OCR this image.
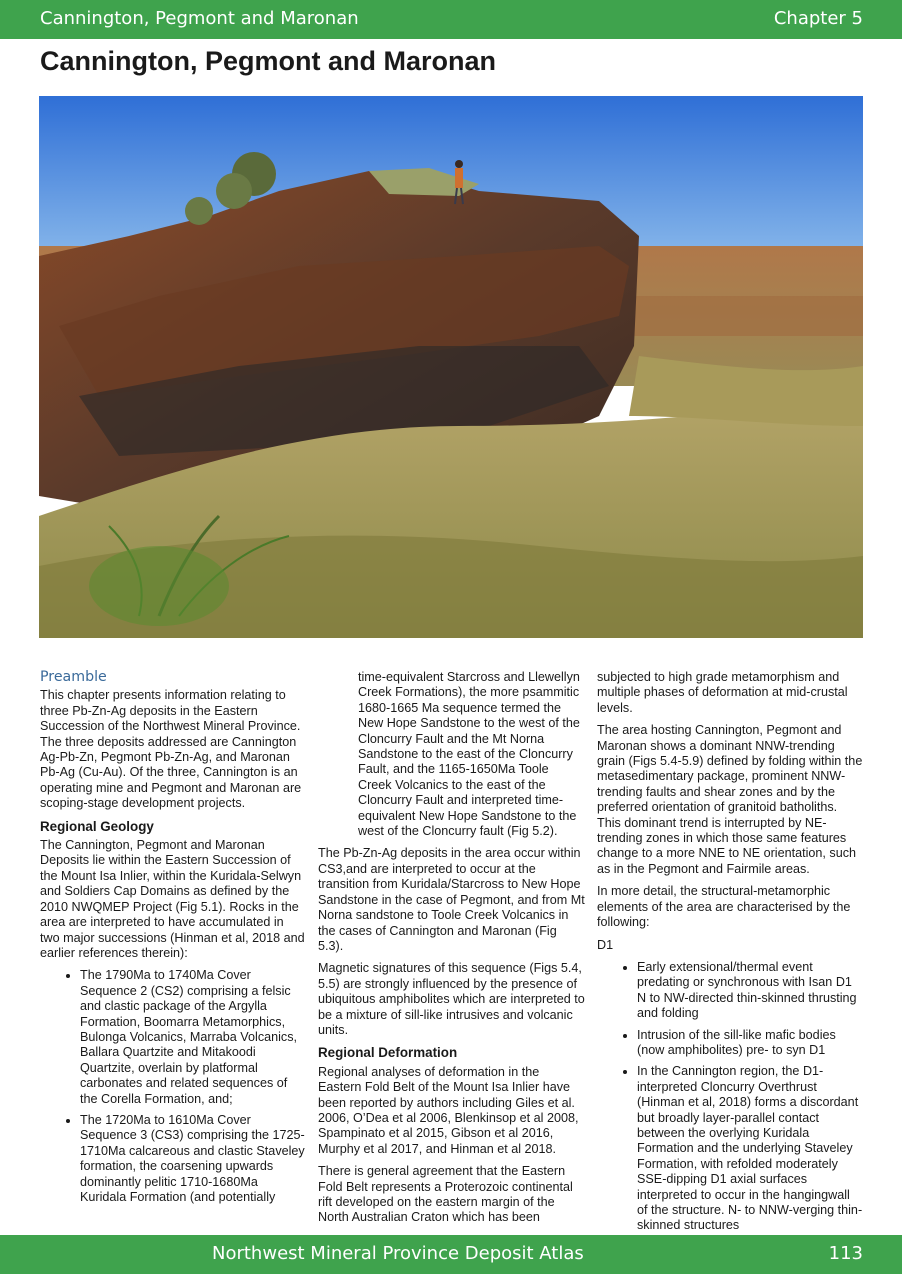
Cannington, Pegmont and Maronan	Chapter 5
Cannington, Pegmont and Maronan
Preamble

This chapter presents information relating to three Pb-Zn-Ag deposits in the Eastern Succession of the Northwest Mineral Province. The three deposits addressed are Cannington Ag-Pb-Zn, Pegmont Pb-Zn-Ag, and Maronan Pb-Ag (Cu-Au). Of the three, Cannington is an operating mine and Pegmont and Maronan are scoping-stage development projects.

Regional Geology

The Cannington, Pegmont and Maronan Deposits lie within the Eastern Succession of the Mount Isa Inlier, within the Kuridala-Selwyn and Soldiers Cap Domains as defined by the 2010 NWQMEP Project (Fig 5.1). Rocks in the area are interpreted to have accumulated in two major successions (Hinman et al, 2018 and earlier references therein):

• The 1790Ma to 1740Ma Cover Sequence 2 (CS2) comprising a felsic and clastic package of the Argylla Formation, Boomarra Metamorphics, Bulonga Volcanics, Marraba Volcanics, Ballara Quartzite and Mitakoodi Quartzite, overlain by platformal carbonates and related sequences of the Corella Formation, and;
• The 1720Ma to 1610Ma Cover Sequence 3 (CS3) comprising the 1725-1710Ma calcareous and clastic Staveley formation, the coarsening upwards dominantly pelitic 1710-1680Ma Kuridala Formation (and potentially

time-equivalent Starcross and Llewellyn Creek Formations), the more psammitic 1680-1665 Ma sequence termed the New Hope Sandstone to the west of the Cloncurry Fault and the Mt Norna Sandstone to the east of the Cloncurry Fault, and the 1165-1650Ma Toole Creek Volcanics to the east of the Cloncurry Fault and interpreted time-equivalent New Hope Sandstone to the west of the Cloncurry fault (Fig 5.2).

The Pb-Zn-Ag deposits in the area occur within CS3,and are interpreted to occur at the transition from Kuridala/Starcross to New Hope Sandstone in the case of Pegmont, and from Mt Norna sandstone to Toole Creek Volcanics in the cases of Cannington and Maronan (Fig 5.3).

Magnetic signatures of this sequence (Figs 5.4, 5.5) are strongly influenced by the presence of ubiquitous amphibolites which are interpreted to be a mixture of sill-like intrusives and volcanic units.

Regional Deformation

Regional analyses of deformation in the Eastern Fold Belt of the Mount Isa Inlier have been reported by authors including Giles et al. 2006, O’Dea et al 2006, Blenkinsop et al 2008, Spampinato et al 2015, Gibson et al 2016, Murphy et al 2017, and Hinman et al 2018.

There is general agreement that the Eastern Fold Belt represents a Proterozoic continental rift developed on the eastern margin of the North Australian Craton which has been

subjected to high grade metamorphism and multiple phases of deformation at mid-crustal levels.

The area hosting Cannington, Pegmont and Maronan shows a dominant NNW-trending grain (Figs 5.4-5.9) defined by folding within the metasedimentary package, prominent NNW-trending faults and shear zones and by the preferred orientation of granitoid batholiths. This dominant trend is interrupted by NE-trending zones in which those same features change to a more NNE to NE orientation, such as in the Pegmont and Fairmile areas.

In more detail, the structural-metamorphic elements of the area are characterised by the following:

D1

• Early extensional/thermal event predating or synchronous with Isan D1 N to NW-directed thin-skinned thrusting and folding
• Intrusion of the sill-like mafic bodies (now amphibolites) pre- to syn D1
• In the Cannington region, the D1-interpreted Cloncurry Overthrust (Hinman et al, 2018) forms a discordant but broadly layer-parallel contact between the overlying Kuridala Formation and the underlying Staveley Formation, with refolded moderately SSE-dipping D1 axial surfaces interpreted to occur in the hangingwall of the structure. N- to NNW-verging thin-skinned structures
Northwest Mineral Province Deposit Atlas	113
